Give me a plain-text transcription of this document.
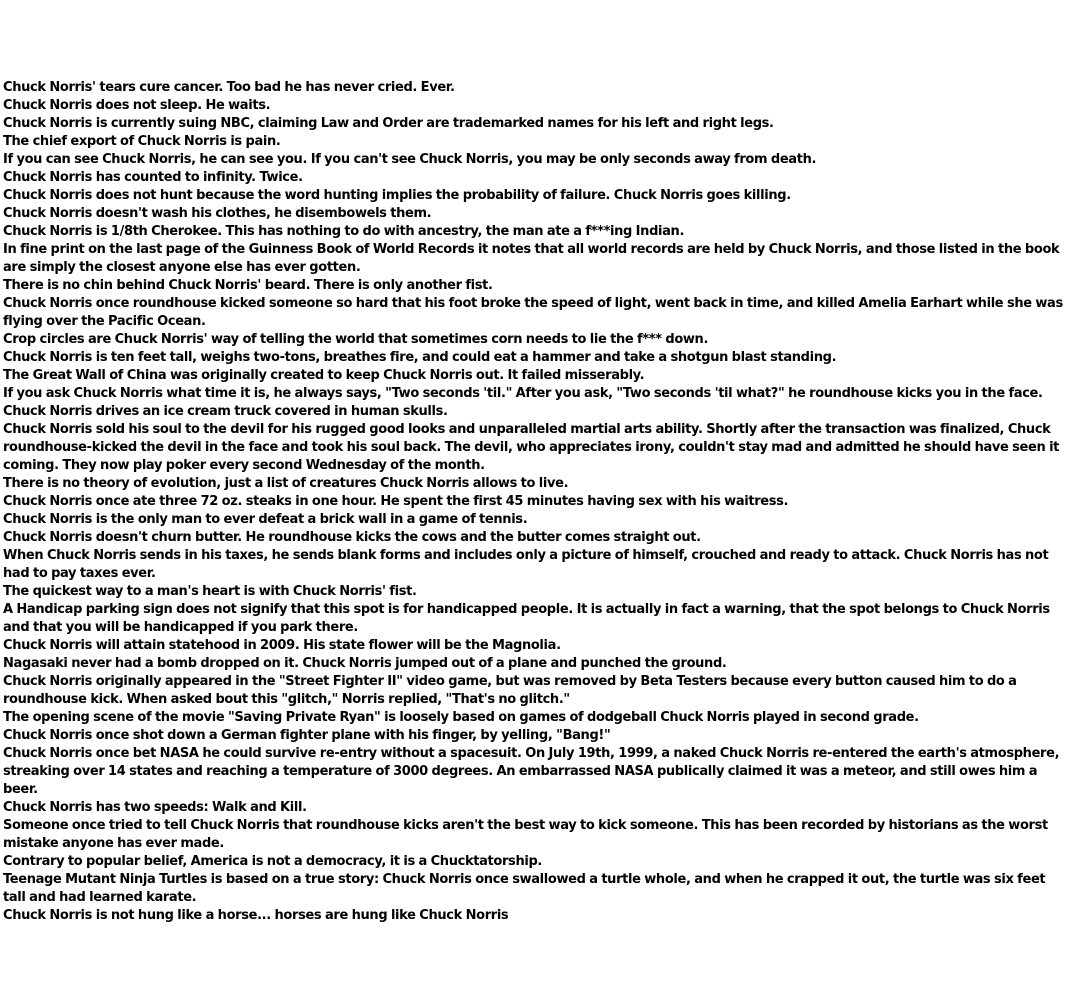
Chuck Norris' tears cure cancer. Too bad he has never cried. Ever.
Chuck Norris does not sleep. He waits.
Chuck Norris is currently suing NBC, claiming Law and Order are trademarked names for his left and right legs.
The chief export of Chuck Norris is pain.
If you can see Chuck Norris, he can see you. If you can't see Chuck Norris, you may be only seconds away from death.
Chuck Norris has counted to infinity. Twice.
Chuck Norris does not hunt because the word hunting implies the probability of failure. Chuck Norris goes killing.
Chuck Norris doesn't wash his clothes, he disembowels them.
Chuck Norris is 1/8th Cherokee. This has nothing to do with ancestry, the man ate a f***ing Indian.
In fine print on the last page of the Guinness Book of World Records it notes that all world records are held by Chuck Norris, and those listed in the book are simply the closest anyone else has ever gotten.
There is no chin behind Chuck Norris' beard. There is only another fist.
Chuck Norris once roundhouse kicked someone so hard that his foot broke the speed of light, went back in time, and killed Amelia Earhart while she was flying over the Pacific Ocean.
Crop circles are Chuck Norris' way of telling the world that sometimes corn needs to lie the f*** down.
Chuck Norris is ten feet tall, weighs two-tons, breathes fire, and could eat a hammer and take a shotgun blast standing.
The Great Wall of China was originally created to keep Chuck Norris out. It failed misserably.
If you ask Chuck Norris what time it is, he always says, "Two seconds 'til." After you ask, "Two seconds 'til what?" he roundhouse kicks you in the face.
Chuck Norris drives an ice cream truck covered in human skulls.
Chuck Norris sold his soul to the devil for his rugged good looks and unparalleled martial arts ability. Shortly after the transaction was finalized, Chuck roundhouse-kicked the devil in the face and took his soul back. The devil, who appreciates irony, couldn't stay mad and admitted he should have seen it coming. They now play poker every second Wednesday of the month.
There is no theory of evolution, just a list of creatures Chuck Norris allows to live.
Chuck Norris once ate three 72 oz. steaks in one hour. He spent the first 45 minutes having sex with his waitress.
Chuck Norris is the only man to ever defeat a brick wall in a game of tennis.
Chuck Norris doesn't churn butter. He roundhouse kicks the cows and the butter comes straight out.
When Chuck Norris sends in his taxes, he sends blank forms and includes only a picture of himself, crouched and ready to attack. Chuck Norris has not had to pay taxes ever.
The quickest way to a man's heart is with Chuck Norris' fist.
A Handicap parking sign does not signify that this spot is for handicapped people. It is actually in fact a warning, that the spot belongs to Chuck Norris and that you will be handicapped if you park there.
Chuck Norris will attain statehood in 2009. His state flower will be the Magnolia.
Nagasaki never had a bomb dropped on it. Chuck Norris jumped out of a plane and punched the ground.
Chuck Norris originally appeared in the "Street Fighter II" video game, but was removed by Beta Testers because every button caused him to do a roundhouse kick. When asked bout this "glitch," Norris replied, "That's no glitch."
The opening scene of the movie "Saving Private Ryan" is loosely based on games of dodgeball Chuck Norris played in second grade.
Chuck Norris once shot down a German fighter plane with his finger, by yelling, "Bang!"
Chuck Norris once bet NASA he could survive re-entry without a spacesuit. On July 19th, 1999, a naked Chuck Norris re-entered the earth's atmosphere, streaking over 14 states and reaching a temperature of 3000 degrees. An embarrassed NASA publically claimed it was a meteor, and still owes him a beer.
Chuck Norris has two speeds: Walk and Kill.
Someone once tried to tell Chuck Norris that roundhouse kicks aren't the best way to kick someone. This has been recorded by historians as the worst mistake anyone has ever made.
Contrary to popular belief, America is not a democracy, it is a Chucktatorship.
Teenage Mutant Ninja Turtles is based on a true story: Chuck Norris once swallowed a turtle whole, and when he crapped it out, the turtle was six feet tall and had learned karate.
Chuck Norris is not hung like a horse... horses are hung like Chuck Norris
